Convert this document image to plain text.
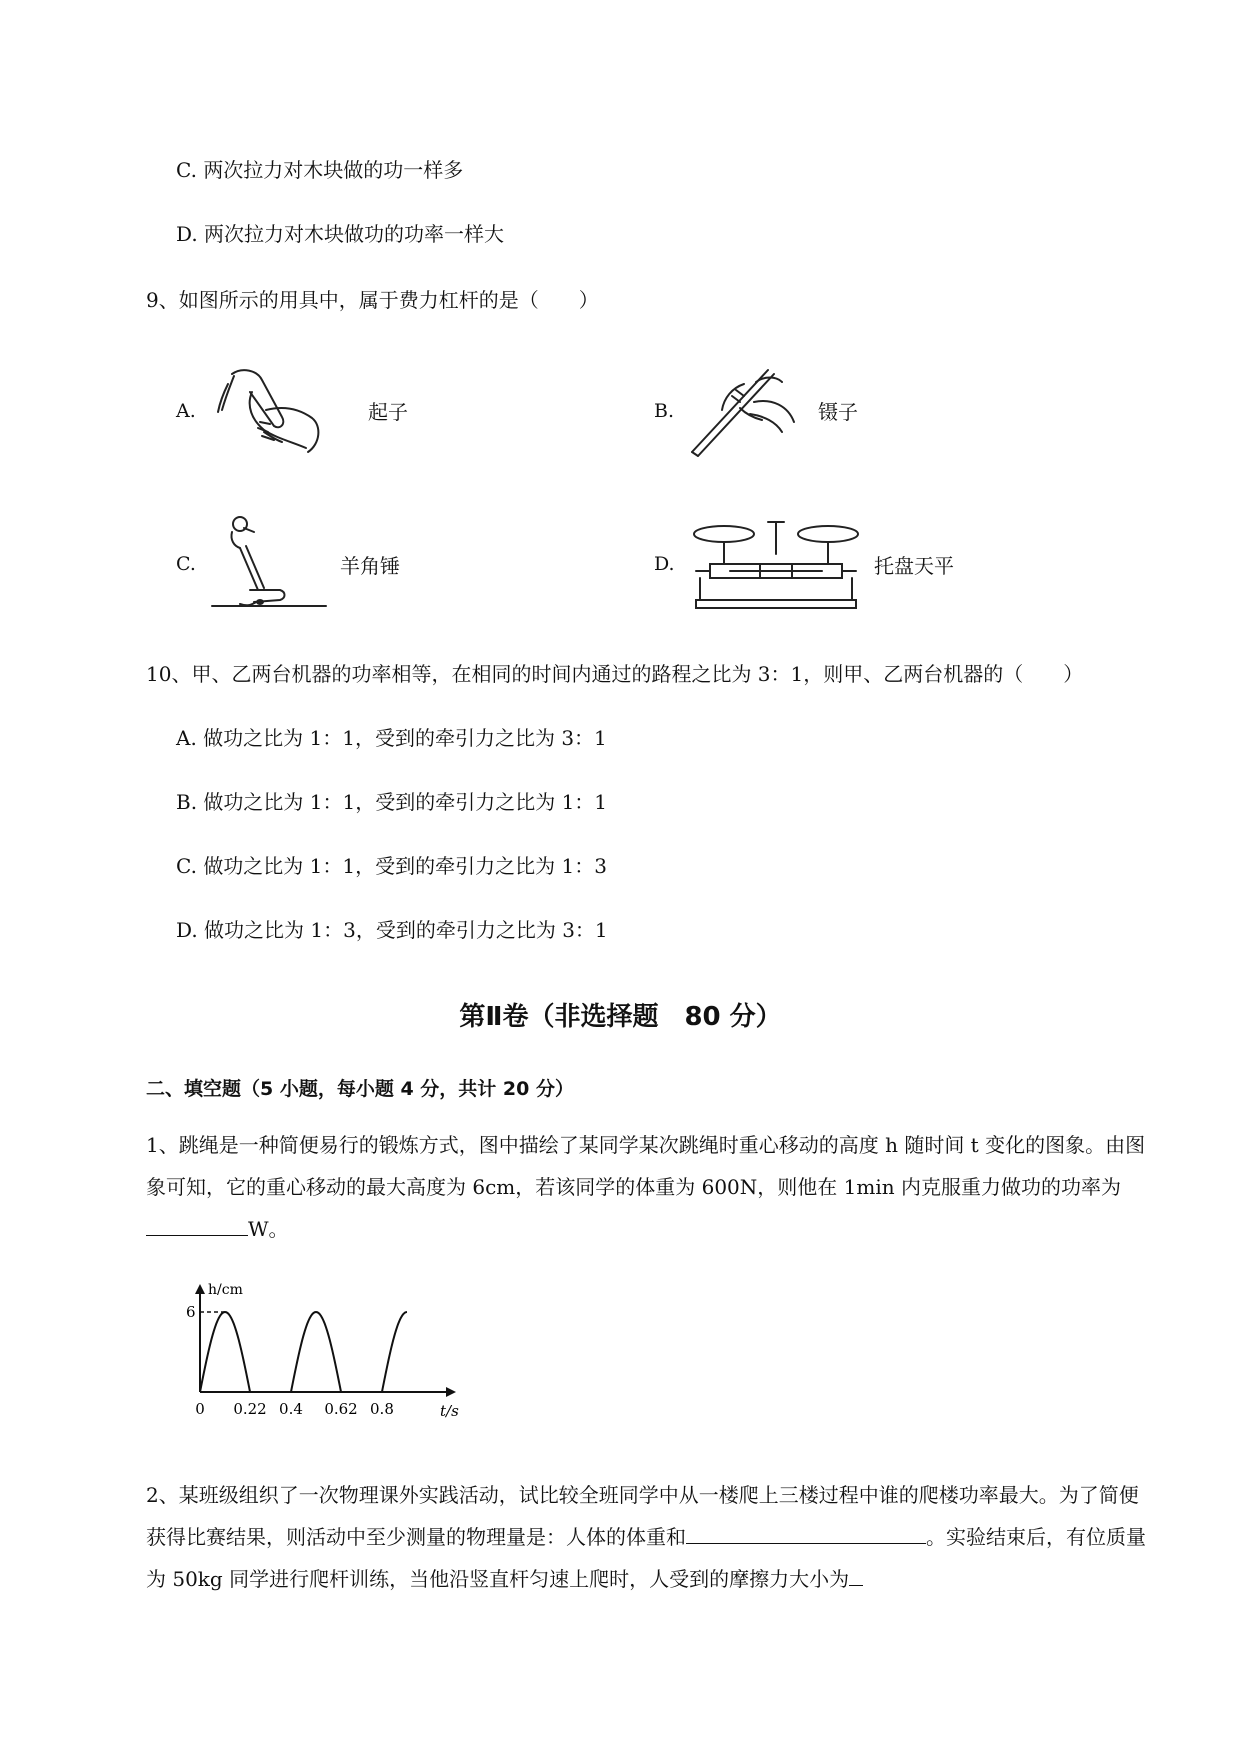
C. 两次拉力对木块做的功一样多
D. 两次拉力对木块做功的功率一样大
9、如图所示的用具中，属于费力杠杆的是（　　）
A.	起子	B.	镊子
C.	羊角锤	D.	托盘天平
10、甲、乙两台机器的功率相等，在相同的时间内通过的路程之比为 3：1，则甲、乙两台机器的（　　）
A. 做功之比为 1：1，受到的牵引力之比为 3：1
B. 做功之比为 1：1，受到的牵引力之比为 1：1
C. 做功之比为 1：1，受到的牵引力之比为 1：3
D. 做功之比为 1：3，受到的牵引力之比为 3：1
第Ⅱ卷（非选择题　80 分）
二、填空题（5 小题，每小题 4 分，共计 20 分）
1、跳绳是一种简便易行的锻炼方式，图中描绘了某同学某次跳绳时重心移动的高度 h 随时间 t 变化的图象。由图象可知，它的重心移动的最大高度为 6cm，若该同学的体重为 600N，则他在 1min 内克服重力做功的功率为W。
h/cm
t/s
6
0 0.22 0.4 0.62 0.8
2、某班级组织了一次物理课外实践活动，试比较全班同学中从一楼爬上三楼过程中谁的爬楼功率最大。为了简便获得比赛结果，则活动中至少测量的物理量是：人体的体重和	。实验结束后，有位质量为 50kg 同学进行爬杆训练，当他沿竖直杆匀速上爬时，人受到的摩擦力大小为
